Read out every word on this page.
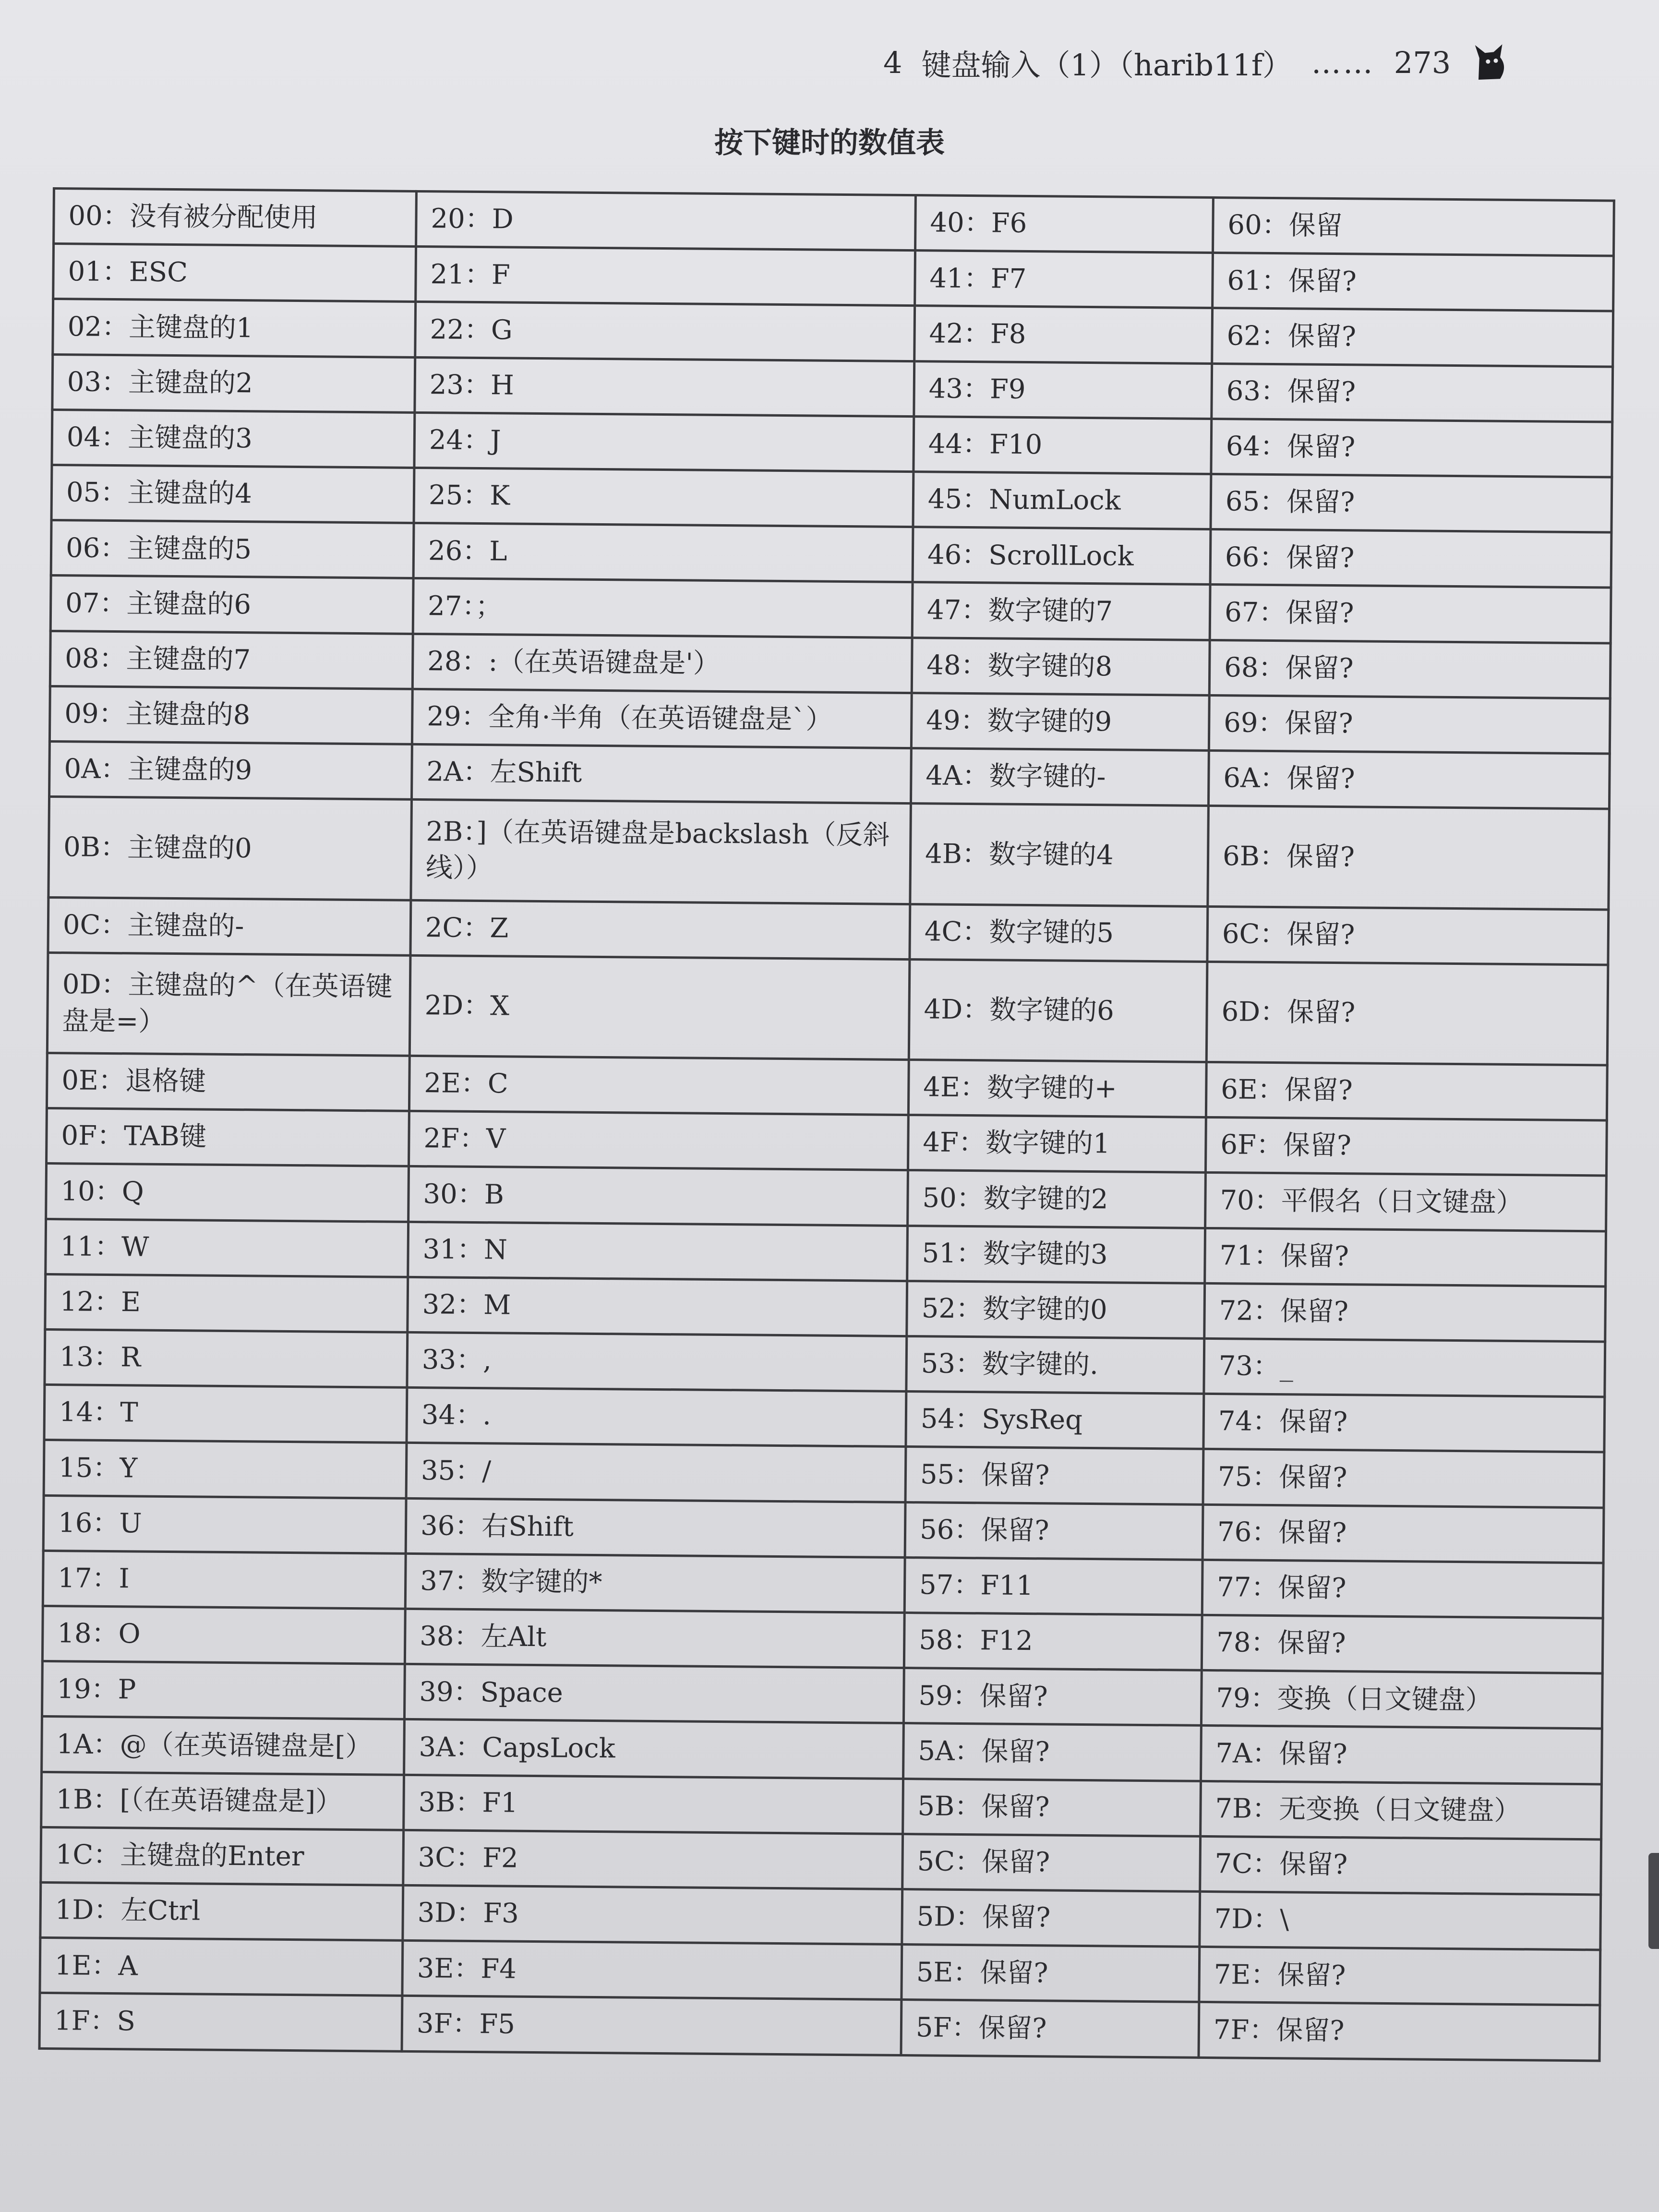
4 键盘输入（1）（harib11f） …… 273
按下键时的数值表
00：没有被分配使用	20：D	40：F6	60：保留
01：ESC	21：F	41：F7	61：保留?
02：主键盘的1	22：G	42：F8	62：保留?
03：主键盘的2	23：H	43：F9	63：保留?
04：主键盘的3	24：J	44：F10	64：保留?
05：主键盘的4	25：K	45：NumLock	65：保留?
06：主键盘的5	26：L	46：ScrollLock	66：保留?
07：主键盘的6	27：；	47：数字键的7	67：保留?
08：主键盘的7	28：:（在英语键盘是'）	48：数字键的8	68：保留?
09：主键盘的8	29：全角·半角（在英语键盘是`）	49：数字键的9	69：保留?
0A：主键盘的9	2A：左Shift	4A：数字键的-	6A：保留?
0B：主键盘的0	2B：]（在英语键盘是backslash（反斜线））	4B：数字键的4	6B：保留?
0C：主键盘的-	2C：Z	4C：数字键的5	6C：保留?
0D：主键盘的^（在英语键盘是=）	2D：X	4D：数字键的6	6D：保留?
0E：退格键	2E：C	4E：数字键的+	6E：保留?
0F：TAB键	2F：V	4F：数字键的1	6F：保留?
10：Q	30：B	50：数字键的2	70：平假名（日文键盘）
11：W	31：N	51：数字键的3	71：保留?
12：E	32：M	52：数字键的0	72：保留?
13：R	33：,	53：数字键的.	73：_
14：T	34：.	54：SysReq	74：保留?
15：Y	35：/	55：保留?	75：保留?
16：U	36：右Shift	56：保留?	76：保留?
17：I	37：数字键的*	57：F11	77：保留?
18：O	38：左Alt	58：F12	78：保留?
19：P	39：Space	59：保留?	79：变换（日文键盘）
1A：@（在英语键盘是[）	3A：CapsLock	5A：保留?	7A：保留?
1B：[（在英语键盘是]）	3B：F1	5B：保留?	7B：无变换（日文键盘）
1C：主键盘的Enter	3C：F2	5C：保留?	7C：保留?
1D：左Ctrl	3D：F3	5D：保留?	7D：\
1E：A	3E：F4	5E：保留?	7E：保留?
1F：S	3F：F5	5F：保留?	7F：保留?
